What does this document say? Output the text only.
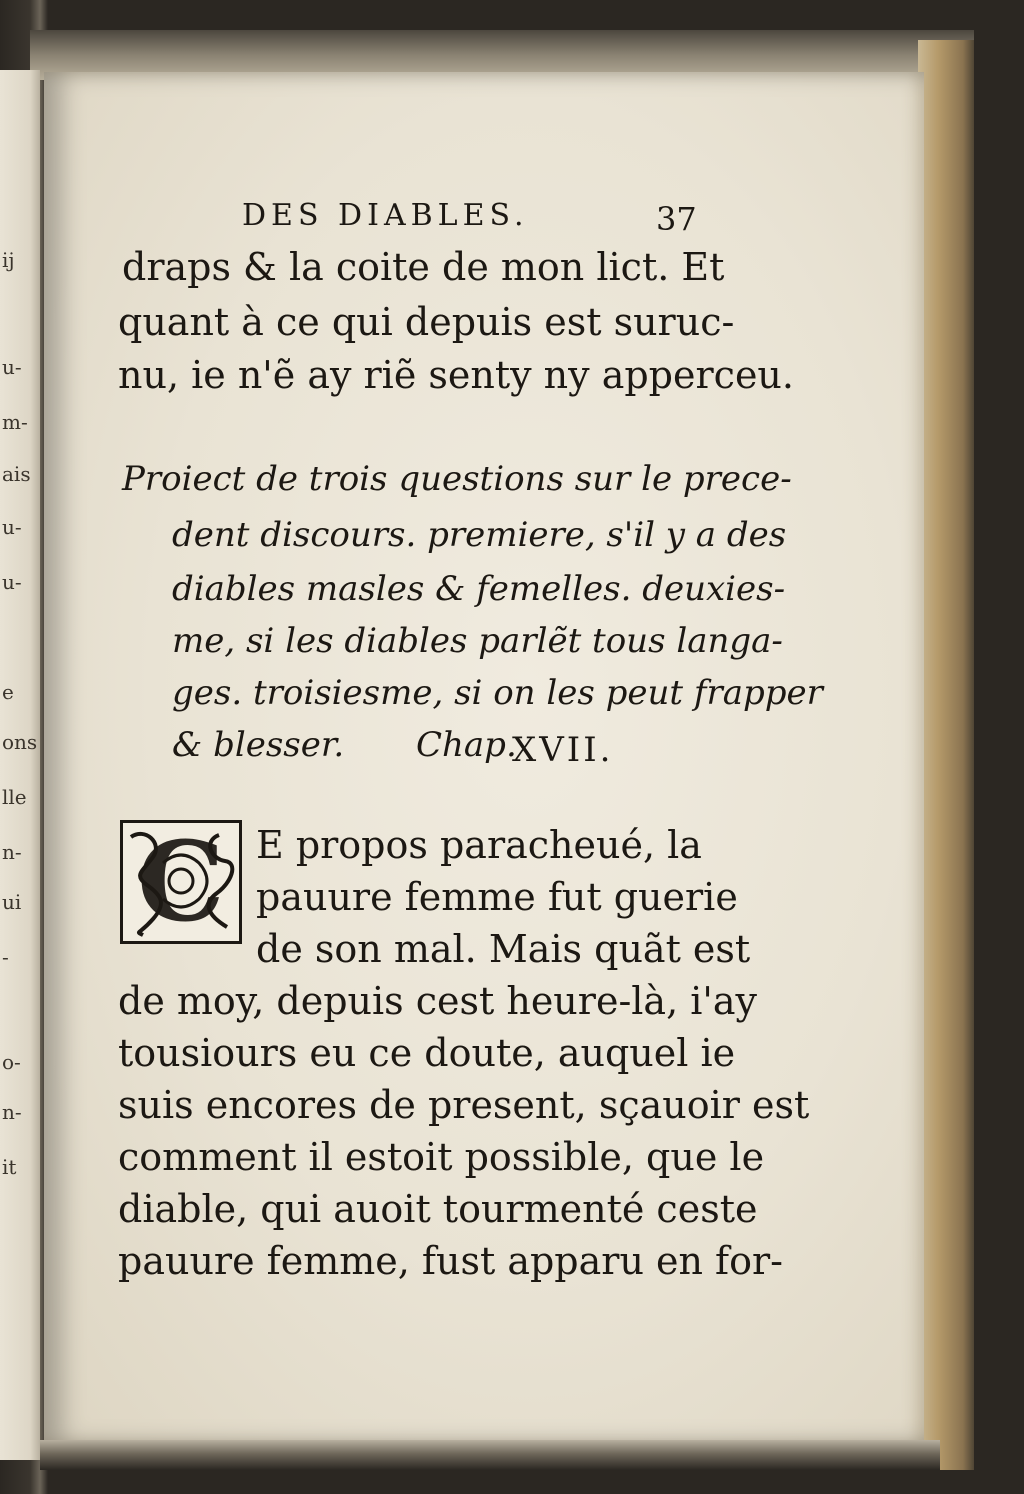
ij
u-
m-
ais
u-
u-
e
ons
lle
n-
ui
-
o-
n-
it
DES DIABLES.	37
draps & la coite de mon lict. Et
quant à ce qui depuis est suruc-
nu, ie n'ẽ ay riẽ senty ny apperceu.
Proiect de trois questions sur le prece-
dent discours. premiere, s'il y a des
diables masles & femelles. deuxies-
me, si les diables parlẽt tous langa-
ges. troisiesme, si on les peut frapper
& blesser. Chap.
XVII.
C E propos paracheué, la
pauure femme fut guerie
de son mal. Mais quãt est
de moy, depuis cest heure-là, i'ay
tousiours eu ce doute, auquel ie
suis encores de present, sçauoir est
comment il estoit possible, que le
diable, qui auoit tourmenté ceste
pauure femme, fust apparu en for-
